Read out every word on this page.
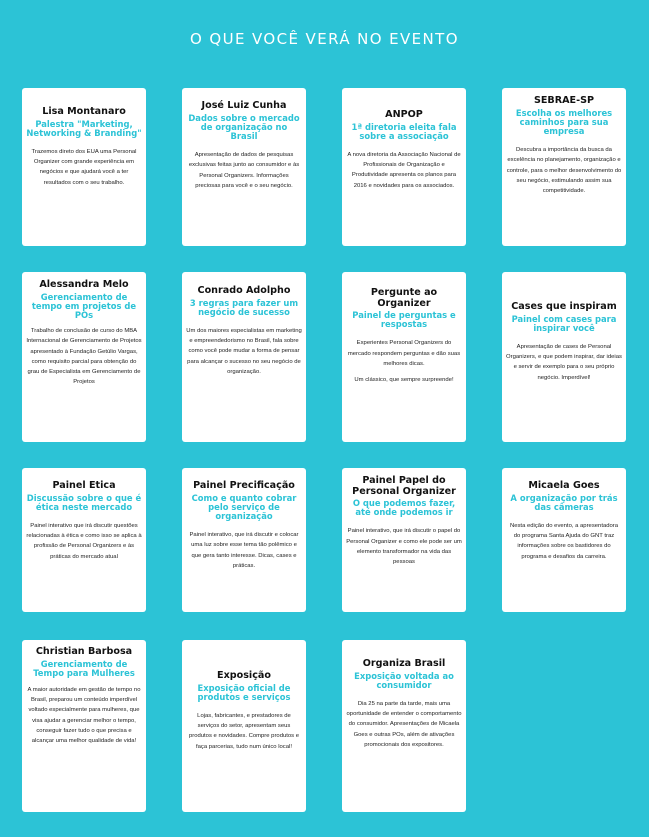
O QUE VOCÊ VERÁ NO EVENTO
Lisa Montanaro
Palestra "Marketing, Networking & Branding"

Trazemos direto dos EUA uma Personal Organizer com grande experiência em negócios e que ajudará você a ter resultados com o seu trabalho.

José Luiz Cunha
Dados sobre o mercado de organização no Brasil

Apresentação de dados de pesquisas exclusivas feitas junto ao consumidor e às Personal Organizers. Informações preciosas para você e o seu negócio.

ANPOP
1ª diretoria eleita fala sobre a associação

A nova diretoria da Associação Nacional de Profissionais de Organização e Produtividade apresenta os planos para 2016 e novidades para os associados.

SEBRAE-SP
Escolha os melhores caminhos para sua empresa

Descubra a importância da busca da excelência no planejamento, organização e controle, para o melhor desenvolvimento do seu negócio, estimulando assim sua competitividade.

Alessandra Melo
Gerenciamento de tempo em projetos de POs

Trabalho de conclusão de curso do MBA Internacional de Gerenciamento de Projetos apresentado à Fundação Getúlio Vargas, como requisito parcial para obtenção do grau de Especialista em Gerenciamento de Projetos

Conrado Adolpho
3 regras para fazer um negócio de sucesso

Um dos maiores especialistas em marketing e empreendedorismo no Brasil, fala sobre como você pode mudar a forma de pensar para alcançar o sucesso no seu negócio de organização.

Pergunte ao Organizer
Painel de perguntas e respostas

Experientes Personal Organizers do mercado respondem perguntas e dão suas melhores dicas.

Um clássico, que sempre surpreende!

Cases que inspiram
Painel com cases para inspirar você

Apresentação de cases de Personal Organizers, e que podem inspirar, dar ideias e servir de exemplo para o seu próprio negócio. Imperdível!

Painel Etica
Discussão sobre o que é ética neste mercado

Painel interativo que irá discutir questões relacionadas à ética e como isso se aplica à profissão de Personal Organizers e às práticas do mercado atual

Painel Precificação
Como e quanto cobrar pelo serviço de organização

Painel interativo, que irá discutir e colocar uma luz sobre esse tema tão polêmico e que gera tanto interesse. Dicas, cases e práticas.

Painel Papel do Personal Organizer
O que podemos fazer, até onde podemos ir

Painel interativo, que irá discutir o papel do Personal Organizer e como ele pode ser um elemento transformador na vida das pessoas

Micaela Goes
A organização por trás das câmeras

Nesta edição do evento, a apresentadora do programa Santa Ajuda do GNT traz informações sobre os bastidores do programa e desafios da carreira.

Christian Barbosa
Gerenciamento de Tempo para Mulheres

A maior autoridade em gestão de tempo no Brasil, preparou um conteúdo imperdível voltado especialmente para mulheres, que visa ajudar a gerenciar melhor o tempo, conseguir fazer tudo o que precisa e alcançar uma melhor qualidade de vida!

Exposição
Exposição oficial de produtos e serviços

Lojas, fabricantes, e prestadores de serviços do setor, apresentam seus produtos e novidades. Compre produtos e faça parcerias, tudo num único local!

Organiza Brasil
Exposição voltada ao consumidor

Dia 25 na parte da tarde, mais uma oportunidade de entender o comportamento do consumidor. Apresentações de Micaela Goes e outras POs, além de ativações promocionais dos expositores.
